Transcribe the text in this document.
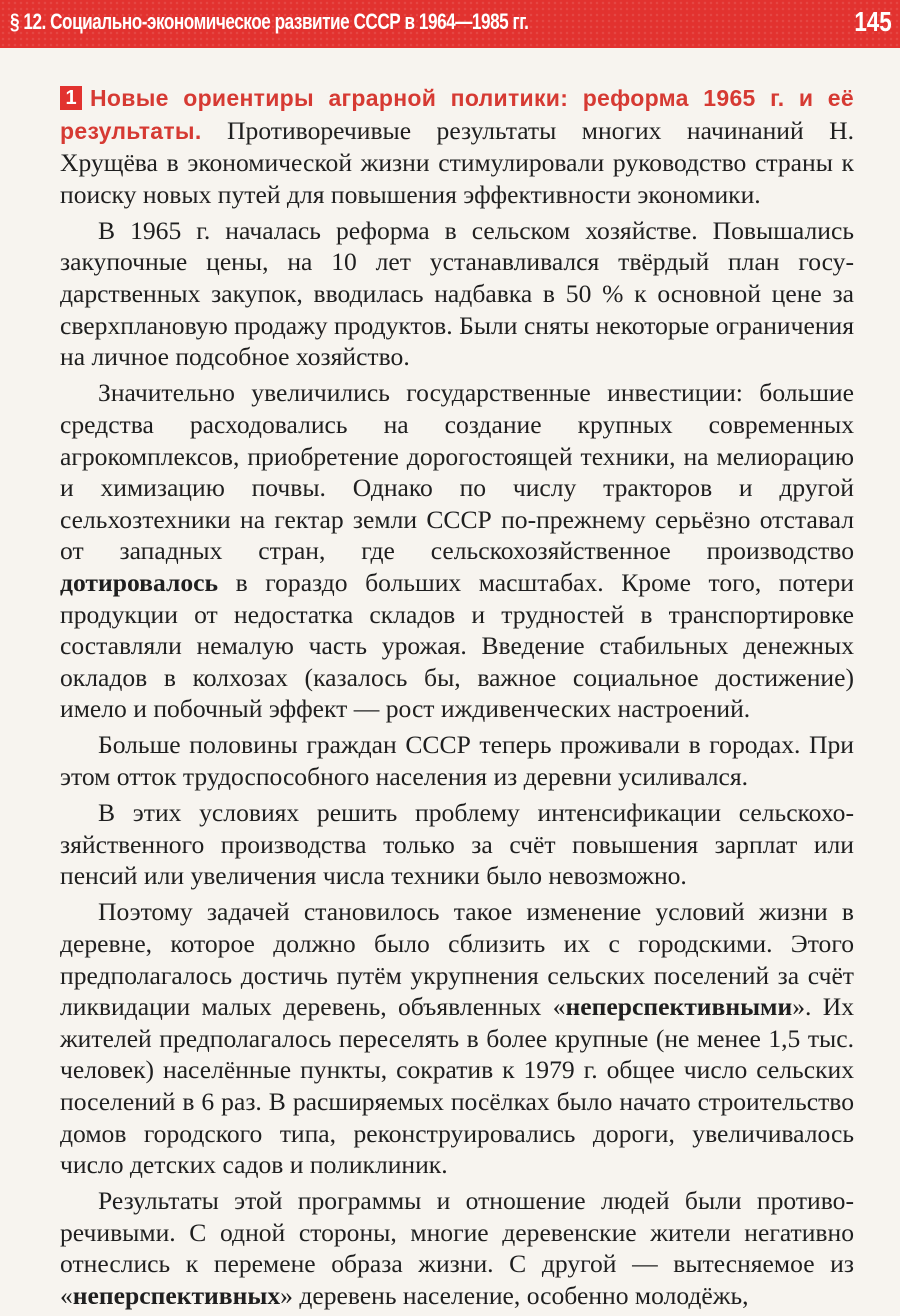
§ 12. Социально-экономическое развитие СССР в 1964—1985 гг.	145

1 Новые ориентиры аграрной политики: реформа 1965 г. и её результаты. Противоречивые результаты многих начинаний Н. Хрущёва в экономической жизни стимулировали руководство страны к поиску новых путей для повышения эффективности экономики.

В 1965 г. началась реформа в сельском хозяйстве. Повышались закупочные цены, на 10 лет устанавливался твёрдый план государственных закупок, вводилась надбавка в 50 % к основной цене за сверхплановую продажу продуктов. Были сняты некоторые ограничения на личное подсобное хозяйство.

Значительно увеличились государственные инвестиции: большие средства расходовались на создание крупных современных агрокомплексов, приобретение дорогостоящей техники, на мелиорацию и химизацию почвы. Однако по числу тракторов и другой сельхозтехники на гектар земли СССР по-прежнему серьёзно отставал от западных стран, где сельскохозяйственное производство дотировалось в гораздо больших масштабах. Кроме того, потери продукции от недостатка складов и трудностей в транспортировке составляли немалую часть урожая. Введение стабильных денежных окладов в колхозах (казалось бы, важное социальное достижение) имело и побочный эффект — рост иждивенческих настроений.

Больше половины граждан СССР теперь проживали в городах. При этом отток трудоспособного населения из деревни усиливался.

В этих условиях решить проблему интенсификации сельскохозяйственного производства только за счёт повышения зарплат или пенсий или увеличения числа техники было невозможно.

Поэтому задачей становилось такое изменение условий жизни в деревне, которое должно было сблизить их с городскими. Этого предполагалось достичь путём укрупнения сельских поселений за счёт ликвидации малых деревень, объявленных «неперспективными». Их жителей предполагалось переселять в более крупные (не менее 1,5 тыс. человек) населённые пункты, сократив к 1979 г. общее число сельских поселений в 6 раз. В расширяемых посёлках было начато строительство домов городского типа, реконструировались дороги, увеличивалось число детских садов и поликлиник.

Результаты этой программы и отношение людей были противоречивыми. С одной стороны, многие деревенские жители негативно отнеслись к перемене образа жизни. С другой — вытесняемое из «неперспективных» деревень население, особенно молодёжь,
